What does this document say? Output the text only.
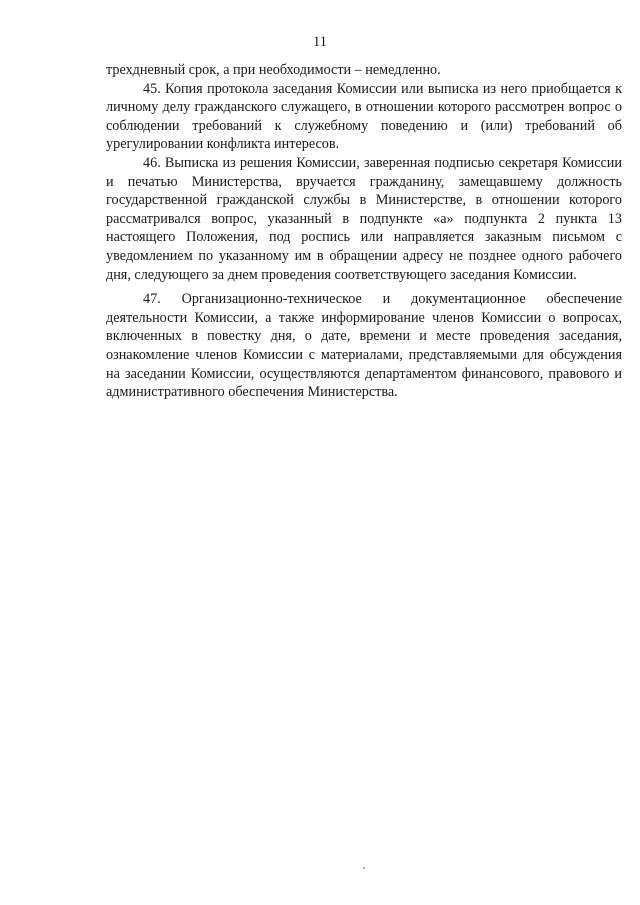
11

трехдневный срок, а при необходимости – немедленно.

45. Копия протокола заседания Комиссии или выписка из него приобщается к личному делу гражданского служащего, в отношении которого рассмотрен вопрос о соблюдении требований к служебному поведению и (или) требований об урегулировании конфликта интересов.

46. Выписка из решения Комиссии, заверенная подписью секретаря Комиссии и печатью Министерства, вручается гражданину, замещавшему должность государственной гражданской службы в Министерстве, в отношении которого рассматривался вопрос, указанный в подпункте «а» подпункта 2 пункта 13 настоящего Положения, под роспись или направляется заказным письмом с уведомлением по указанному им в обращении адресу не позднее одного рабочего дня, следующего за днем проведения соответствующего заседания Комиссии.

47. Организационно-техническое и документационное обеспечение деятельности Комиссии, а также информирование членов Комиссии о вопросах, включенных в повестку дня, о дате, времени и месте проведения заседания, ознакомление членов Комиссии с материалами, представляемыми для обсуждения на заседании Комиссии, осуществляются департаментом финансового, правового и административного обеспечения Министерства.
